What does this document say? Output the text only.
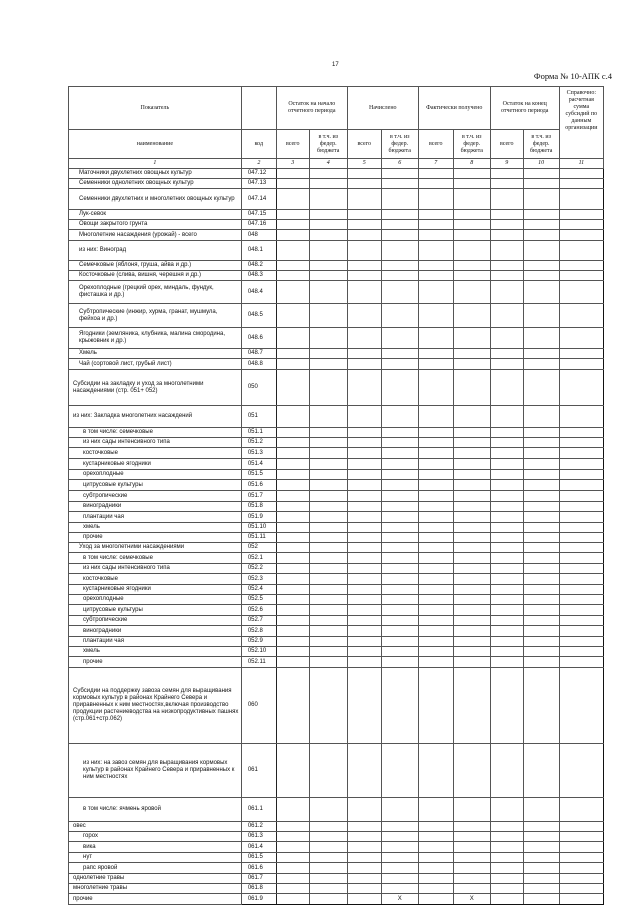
17
Форма № 10-АПК с.4
Показатель		Остаток на начало отчетного периода		Начислено		Фактически получено		Остаток на конец отчетного периода		Справочно: расчетная сумма субсидий по данным организации
наименование	код	всего	в т.ч. из федер. бюджета	всего	в т.ч. из федер. бюджета	всего	в т.ч. из федер. бюджета	всего	в т.ч. из федер. бюджета	
1	2	3	4	5	6	7	8	9	10	11
Маточники двухлетних овощных культур	047.12									
Семенники однолетних овощных культур	047.13									
Семенники двухлетних и многолетних овощных культур	047.14									
Лук-севок	047.15									
Овощи закрытого грунта	047.16									
Многолетние насаждения (урожай) - всего	048									
из них: Виноград	048.1									
Семечковые (яблоня, груша, айва и др.)	048.2									
Косточковые (слива, вишня, черешня и др.)	048.3									
Орехоплодные (грецкий орех, миндаль, фундук, фисташка и др.)	048.4									
Субтропические (инжир, хурма, гранат, мушмула, фейхоа и др.)	048.5									
Ягодники (земляника, клубника, малина смородина, крыжовник и др.)	048.6									
Хмель	048.7									
Чай (сортовой лист, грубый лист)	048.8									
Субсидии на закладку и уход за многолетними насаждениями (стр. 051+ 052)	050									
из них: Закладка многолетних насаждений	051									
в том числе: семечковые	051.1									
из них сады интенсивного типа	051.2									
косточковые	051.3									
кустарниковые ягодники	051.4									
орехоплодные	051.5									
цитрусовые культуры	051.6									
субтропические	051.7									
виноградники	051.8									
плантации чая	051.9									
хмель	051.10									
прочие	051.11									
Уход за многолетними насаждениями	052									
в том числе: семечковые	052.1									
из них сады интенсивного типа	052.2									
косточковые	052.3									
кустарниковые ягодники	052.4									
орехоплодные	052.5									
цитрусовые культуры	052.6									
субтропические	052.7									
виноградники	052.8									
плантации чая	052.9									
хмель	052.10									
прочие	052.11									
Субсидии на поддержку завоза семян для выращивания кормовых культур в районах Крайнего Севера и приравненных к ним местностях,включая производство продукции растениеводства на низкопродуктивных пашнях (стр.061+стр.062)	060									
из них: на завоз семян для выращивания кормовых культур в районах Крайнего Севера и приравненных к ним местностях	061									
в том числе: ячмень яровой	061.1									
овес	061.2									
горох	061.3									
вика	061.4									
нут	061.5									
рапс яровой	061.6									
однолетние травы	061.7									
многолетние травы	061.8									
прочие	061.9				X		X			
